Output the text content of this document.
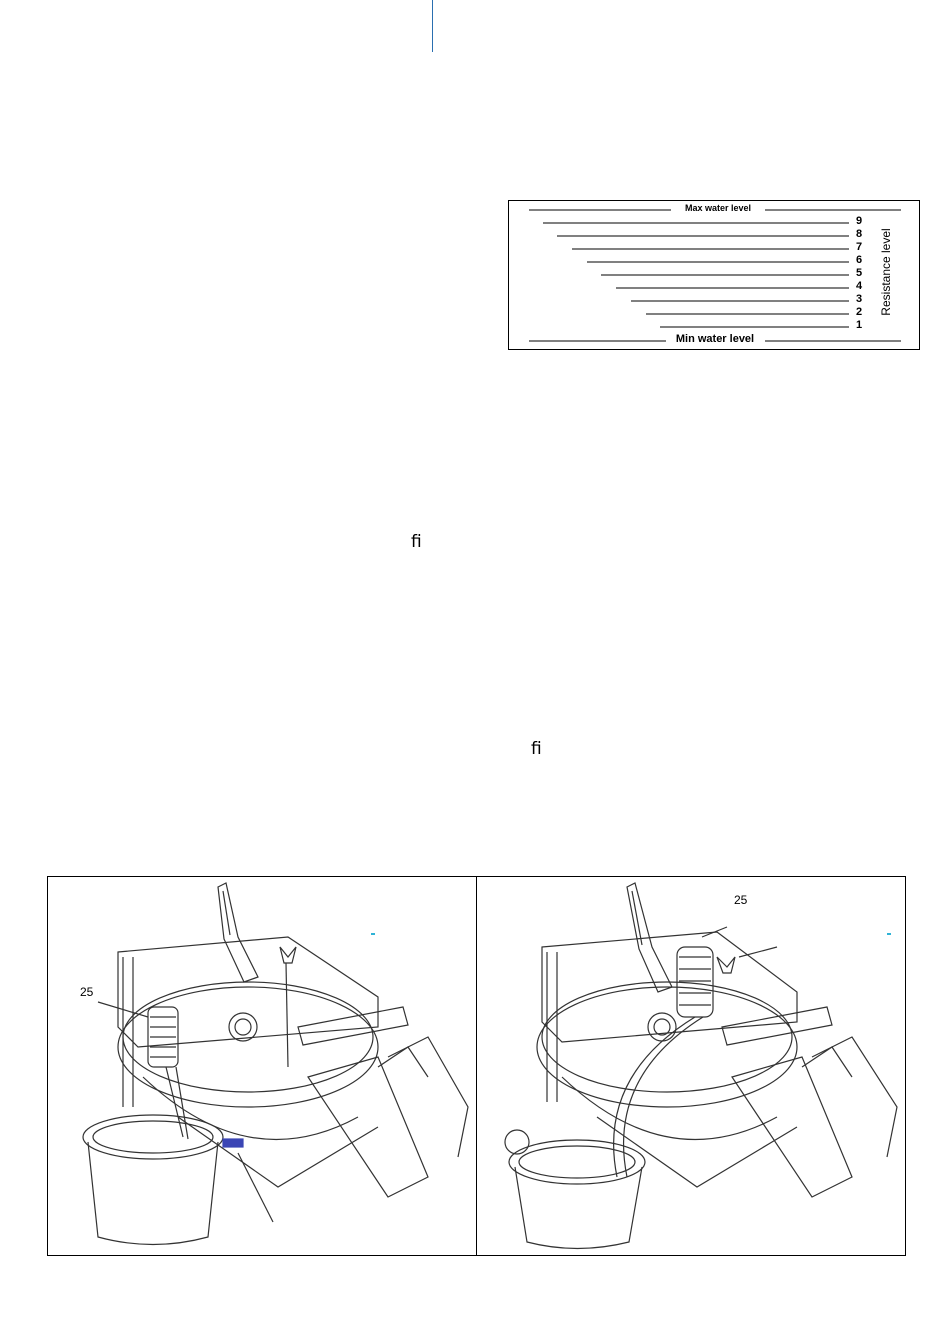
Max water level
Min water level
9
8
7
6
5
4
3
2
1
Resistance level
ﬁ
ﬁ
25
25
